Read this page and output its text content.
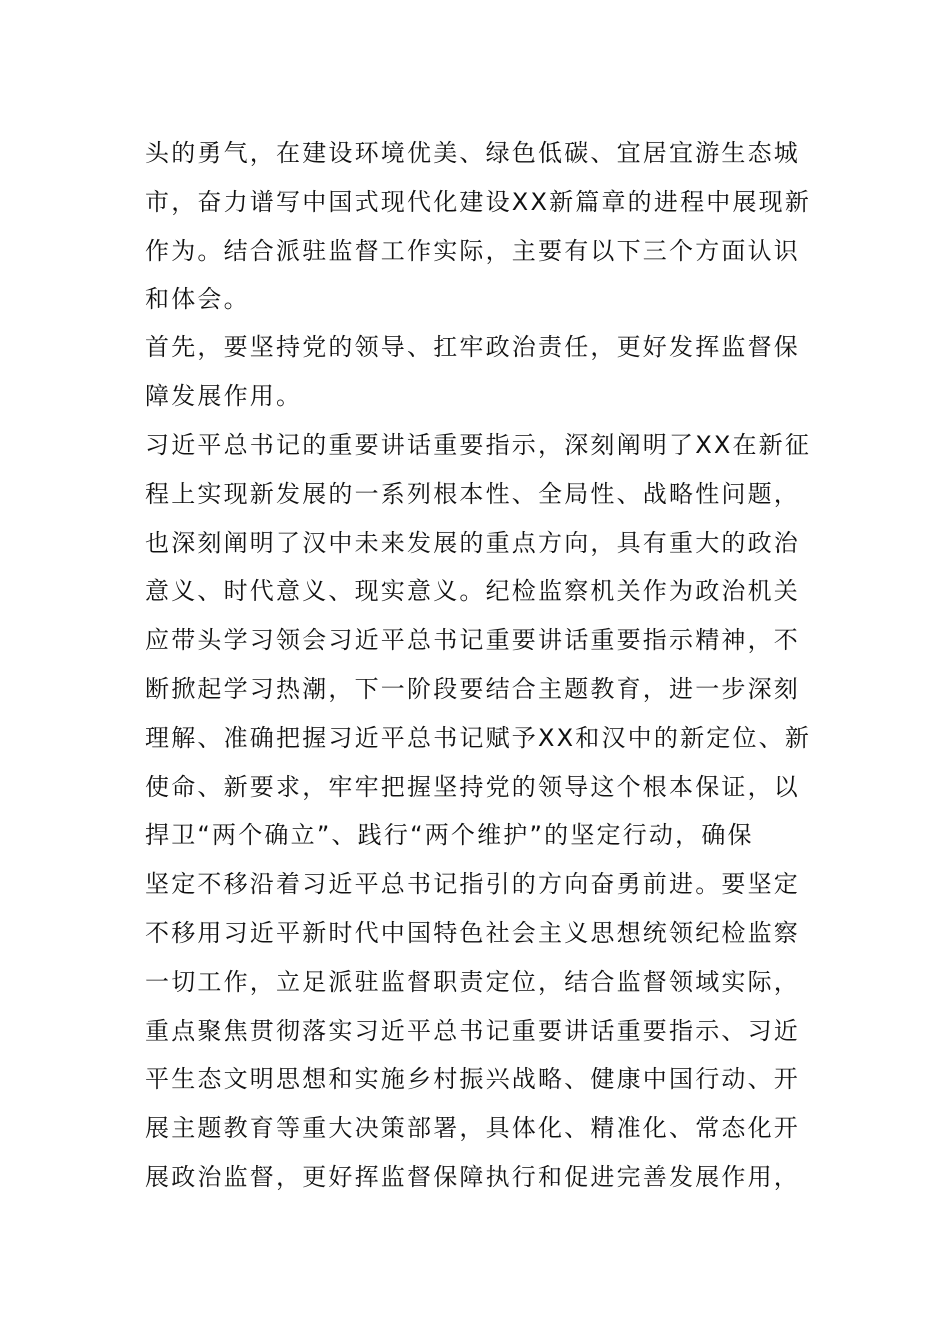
头的勇气，在建设环境优美、绿色低碳、宜居宜游生态城
市，奋力谱写中国式现代化建设XX新篇章的进程中展现新
作为。结合派驻监督工作实际，主要有以下三个方面认识
和体会。
首先，要坚持党的领导、扛牢政治责任，更好发挥监督保
障发展作用。
习近平总书记的重要讲话重要指示，深刻阐明了XX在新征
程上实现新发展的一系列根本性、全局性、战略性问题，
也深刻阐明了汉中未来发展的重点方向，具有重大的政治
意义、时代意义、现实意义。纪检监察机关作为政治机关
应带头学习领会习近平总书记重要讲话重要指示精神，不
断掀起学习热潮，下一阶段要结合主题教育，进一步深刻
理解、准确把握习近平总书记赋予XX和汉中的新定位、新
使命、新要求，牢牢把握坚持党的领导这个根本保证，以
捍卫“两个确立”、践行“两个维护”的坚定行动，确保
坚定不移沿着习近平总书记指引的方向奋勇前进。要坚定
不移用习近平新时代中国特色社会主义思想统领纪检监察
一切工作，立足派驻监督职责定位，结合监督领域实际，
重点聚焦贯彻落实习近平总书记重要讲话重要指示、习近
平生态文明思想和实施乡村振兴战略、健康中国行动、开
展主题教育等重大决策部署，具体化、精准化、常态化开
展政治监督，更好挥监督保障执行和促进完善发展作用，
